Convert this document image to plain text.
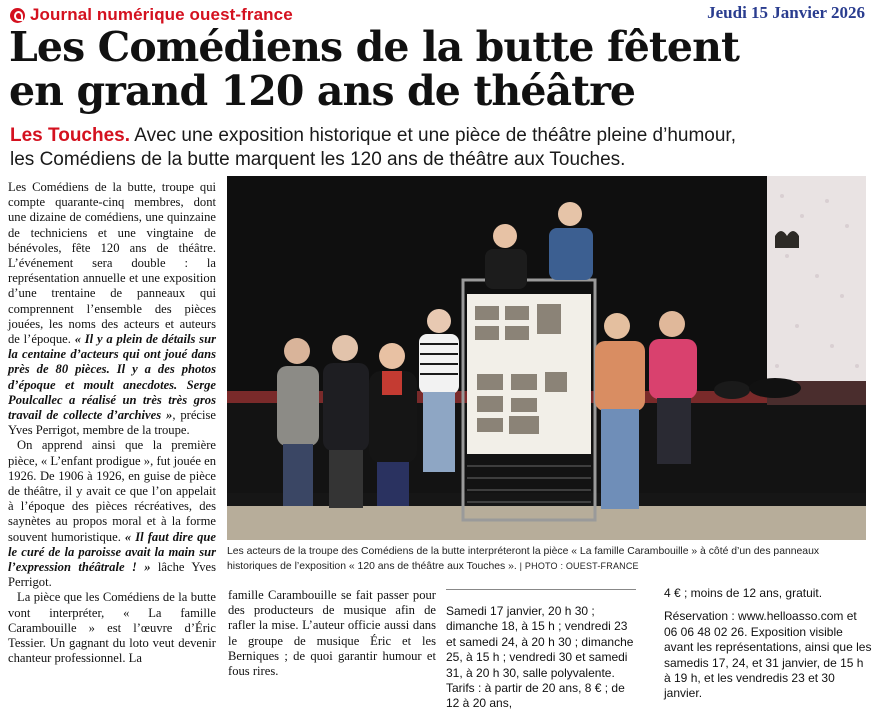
Journal numérique ouest-france	Jeudi 15 Janvier 2026
Les Comédiens de la butte fêtent
en grand 120 ans de théâtre
Les Touches. Avec une exposition historique et une pièce de théâtre pleine d’humour,
les Comédiens de la butte marquent les 120 ans de théâtre aux Touches.

Les Comédiens de la butte, troupe qui compte quarante-cinq membres, dont une dizaine de comédiens, une quinzaine de techniciens et une vingtaine de bénévoles, fête 120 ans de théâtre. L’événement sera double : la représentation annuelle et une exposition d’une trentaine de panneaux qui comprennent l’ensemble des pièces jouées, les noms des acteurs et auteurs de l’époque. « Il y a plein de détails sur la centaine d’acteurs qui ont joué dans près de 80 pièces. Il y a des photos d’époque et moult anecdotes. Serge Poulcallec a réalisé un très très gros travail de collecte d’archives », précise Yves Perrigot, membre de la troupe.

On apprend ainsi que la première pièce, « L’enfant prodigue », fut jouée en 1926. De 1906 à 1926, en guise de pièce de théâtre, il y avait ce que l’on appelait à l’époque des pièces récréatives, des saynètes au propos moral et à la forme souvent humoristique. « Il faut dire que le curé de la paroisse avait la main sur l’expression théâtrale ! » lâche Yves Perrigot.

La pièce que les Comédiens de la butte vont interpréter, « La famille Carambouille » est l’œuvre d’Éric Tessier. Un gagnant du loto veut devenir chanteur professionnel. La

Les acteurs de la troupe des Comédiens de la butte interpréteront la pièce « La famille Carambouille » à côté d’un des panneaux historiques de l’exposition « 120 ans de théâtre aux Touches ». | PHOTO : OUEST-FRANCE
famille Carambouille se fait passer pour des producteurs de musique afin de rafler la mise. L’auteur officie aussi dans le groupe de musique Éric et les Berniques ; de quoi garantir humour et fous rires.
Samedi 17 janvier, 20 h 30 ; dimanche 18, à 15 h ; vendredi 23 et samedi 24, à 20 h 30 ; dimanche 25, à 15 h ; vendredi 30 et samedi 31, à 20 h 30, salle polyvalente. Tarifs : à partir de 20 ans, 8 € ; de 12 à 20 ans,

4 € ; moins de 12 ans, gratuit.

Réservation : www.helloasso.com et 06 06 48 02 26. Exposition visible avant les représentations, ainsi que les samedis 17, 24, et 31 janvier, de 15 h à 19 h, et les vendredis 23 et 30 janvier.
